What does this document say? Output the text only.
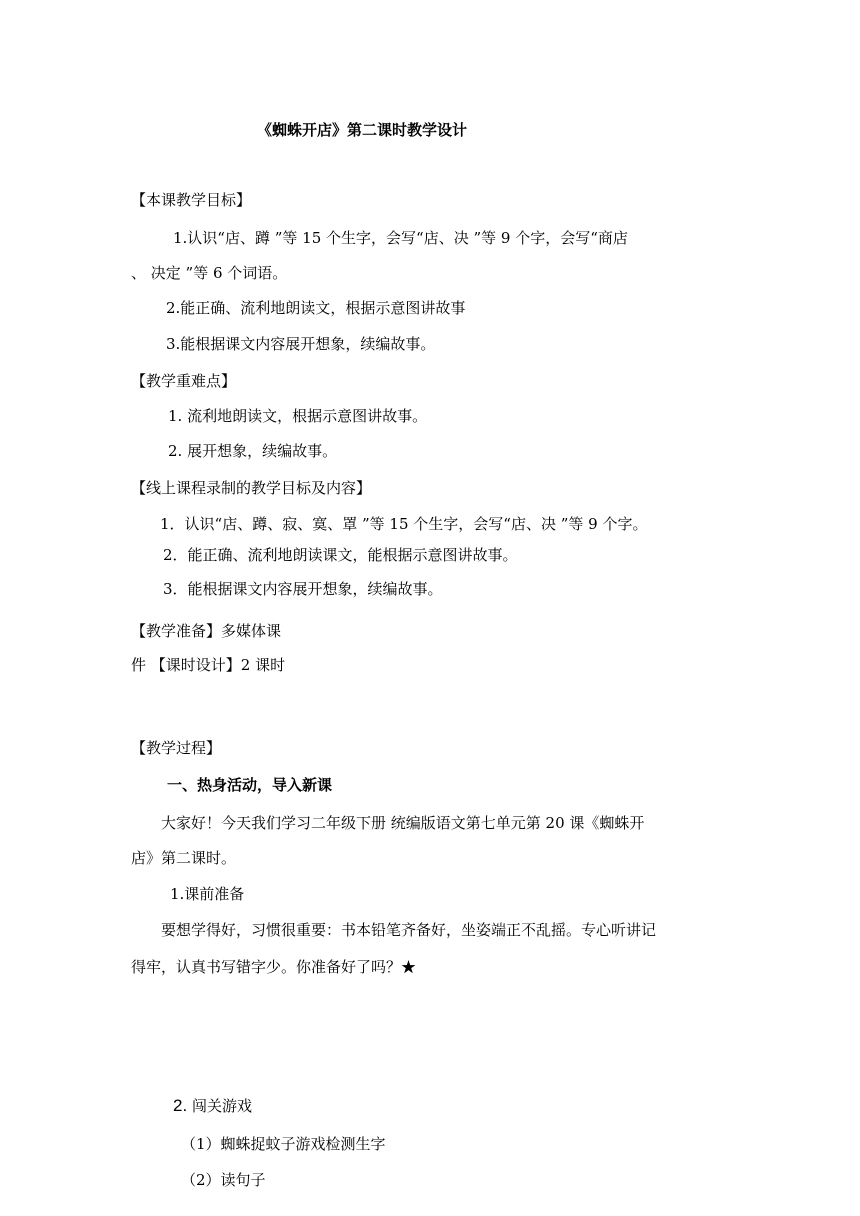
《蜘蛛开店》第二课时教学设计
【本课教学目标】
1.认识“店、蹲 ”等 15 个生字，会写“店、决 ”等 9 个字，会写“商店
、 决定 ”等 6 个词语。
2.能正确、流利地朗读文，根据示意图讲故事
3.能根据课文内容展开想象，续编故事。
【教学重难点】
1. 流利地朗读文，根据示意图讲故事。
2. 展开想象，续编故事。
【线上课程录制的教学目标及内容】
1．认识“店、蹲、寂、寞、罩 ”等 15 个生字，会写“店、决 ”等 9 个字。
2．能正确、流利地朗读课文，能根据示意图讲故事。
3．能根据课文内容展开想象，续编故事。
【教学准备】多媒体课
件 【课时设计】2 课时
【教学过程】
一、热身活动，导入新课
大家好！今天我们学习二年级下册 统编版语文第七单元第 20 课《蜘蛛开
店》第二课时。
1.课前准备
要想学得好，习惯很重要：书本铅笔齐备好，坐姿端正不乱摇。专心听讲记
得牢，认真书写错字少。你准备好了吗？★
2. 闯关游戏
（1）蜘蛛捉蚊子游戏检测生字
（2）读句子
